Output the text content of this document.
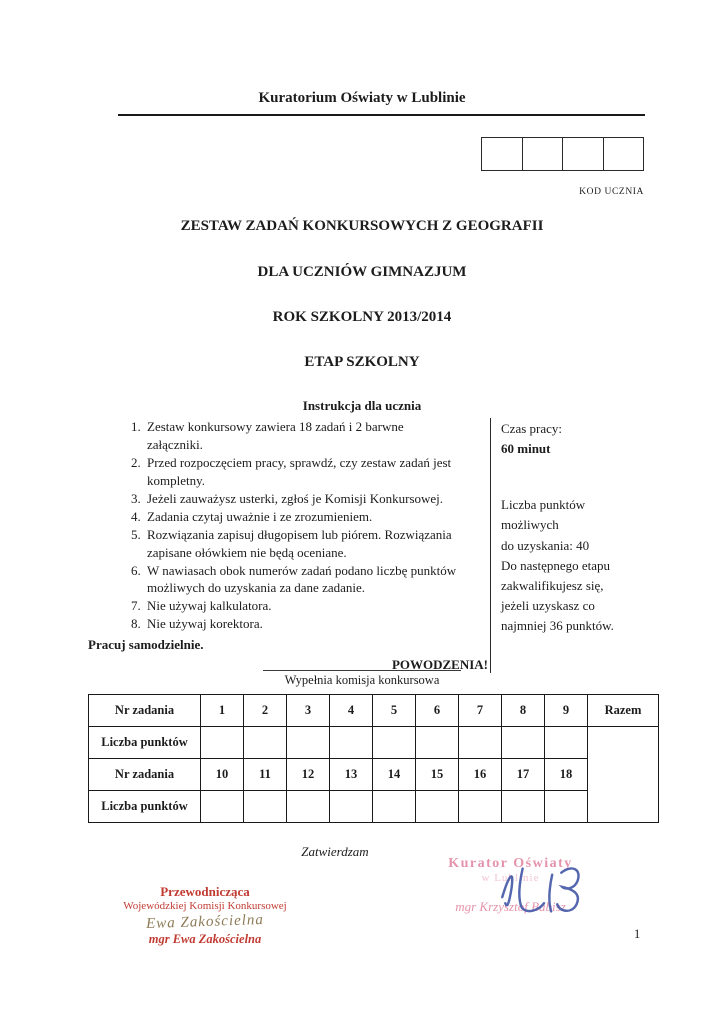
Kuratorium Oświaty w Lublinie
KOD UCZNIA
ZESTAW ZADAŃ KONKURSOWYCH Z GEOGRAFII
DLA UCZNIÓW GIMNAZJUM
ROK SZKOLNY 2013/2014
ETAP SZKOLNY
Instrukcja dla ucznia
1. Zestaw konkursowy zawiera 18 zadań i 2 barwne załączniki.
2. Przed rozpoczęciem pracy, sprawdź, czy zestaw zadań jest kompletny.
3. Jeżeli zauważysz usterki, zgłoś je Komisji Konkursowej.
4. Zadania czytaj uważnie i ze zrozumieniem.
5. Rozwiązania zapisuj długopisem lub piórem. Rozwiązania zapisane ołówkiem nie będą oceniane.
6. W nawiasach obok numerów zadań podano liczbę punktów możliwych do uzyskania za dane zadanie.
7. Nie używaj kalkulatora.
8. Nie używaj korektora.
Pracuj samodzielnie.
POWODZENIA!
Czas pracy:
60 minut
Liczba punktów
możliwych
do uzyskania: 40
Do następnego etapu
zakwalifikujesz się,
jeżeli uzyskasz co
najmniej 36 punktów.
Wypełnia komisja konkursowa
Nr zadania	1	2	3	4	5	6	7	8	9	Razem
Liczba punktów										
Nr zadania	10	11	12	13	14	15	16	17	18	
Liczba punktów										
Zatwierdzam
Przewodnicząca
Wojewódzkiej Komisji Konkursowej
Ewa Zakościelna
mgr Ewa Zakościelna
Kurator Oświaty
w Lublinie
mgr Krzysztof Babisz
1
